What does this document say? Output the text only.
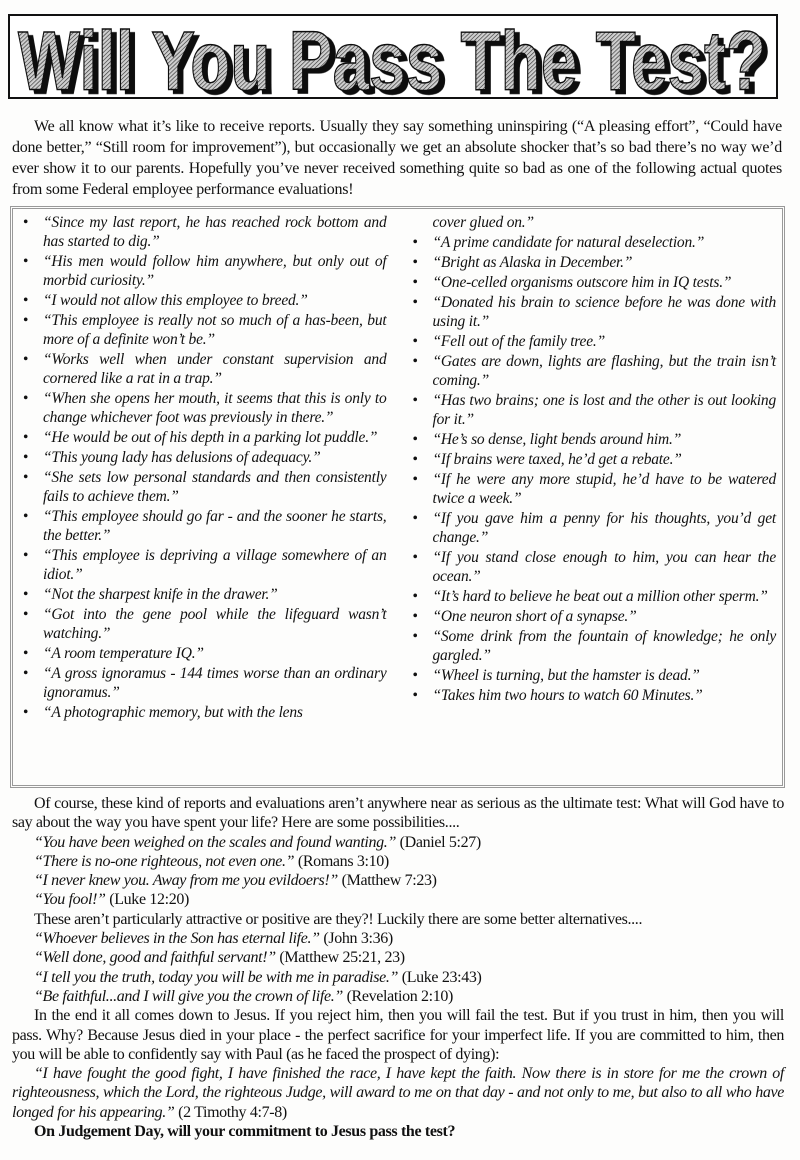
Will You Pass The Test?

We all know what it’s like to receive reports. Usually they say something uninspiring (“A pleasing effort”, “Could have done better,” “Still room for improvement”), but occasionally we get an absolute shocker that’s so bad there’s no way we’d ever show it to our parents. Hopefully you’ve never received something quite so bad as one of the following actual quotes from some Federal employee performance evaluations!

• “Since my last report, he has reached rock bottom and has started to dig.”
• “His men would follow him anywhere, but only out of morbid curiosity.”
• “I would not allow this employee to breed.”
• “This employee is really not so much of a has-been, but more of a definite won’t be.”
• “Works well when under constant supervision and cornered like a rat in a trap.”
• “When she opens her mouth, it seems that this is only to change whichever foot was previously in there.”
• “He would be out of his depth in a parking lot puddle.”
• “This young lady has delusions of adequacy.”
• “She sets low personal standards and then consistently fails to achieve them.”
• “This employee should go far - and the sooner he starts, the better.”
• “This employee is depriving a village somewhere of an idiot.”
• “Not the sharpest knife in the drawer.”
• “Got into the gene pool while the lifeguard wasn’t watching.”
• “A room temperature IQ.”
• “A gross ignoramus - 144 times worse than an ordinary ignoramus.”
• “A photographic memory, but with the lens
cover glued on.”
• “A prime candidate for natural deselection.”
• “Bright as Alaska in December.”
• “One-celled organisms outscore him in IQ tests.”
• “Donated his brain to science before he was done with using it.”
• “Fell out of the family tree.”
• “Gates are down, lights are flashing, but the train isn’t coming.”
• “Has two brains; one is lost and the other is out looking for it.”
• “He’s so dense, light bends around him.”
• “If brains were taxed, he’d get a rebate.”
• “If he were any more stupid, he’d have to be watered twice a week.”
• “If you gave him a penny for his thoughts, you’d get change.”
• “If you stand close enough to him, you can hear the ocean.”
• “It’s hard to believe he beat out a million other sperm.”
• “One neuron short of a synapse.”
• “Some drink from the fountain of knowledge; he only gargled.”
• “Wheel is turning, but the hamster is dead.”
• “Takes him two hours to watch 60 Minutes.”

Of course, these kind of reports and evaluations aren’t anywhere near as serious as the ultimate test: What will God have to say about the way you have spent your life? Here are some possibilities....

“You have been weighed on the scales and found wanting.” (Daniel 5:27)

“There is no-one righteous, not even one.” (Romans 3:10)

“I never knew you. Away from me you evildoers!” (Matthew 7:23)

“You fool!” (Luke 12:20)

These aren’t particularly attractive or positive are they?! Luckily there are some better alternatives....

“Whoever believes in the Son has eternal life.” (John 3:36)

“Well done, good and faithful servant!” (Matthew 25:21, 23)

“I tell you the truth, today you will be with me in paradise.” (Luke 23:43)

“Be faithful...and I will give you the crown of life.” (Revelation 2:10)

In the end it all comes down to Jesus. If you reject him, then you will fail the test. But if you trust in him, then you will pass. Why? Because Jesus died in your place - the perfect sacrifice for your imperfect life. If you are committed to him, then you will be able to confidently say with Paul (as he faced the prospect of dying):

“I have fought the good fight, I have finished the race, I have kept the faith. Now there is in store for me the crown of righteousness, which the Lord, the righteous Judge, will award to me on that day - and not only to me, but also to all who have longed for his appearing.” (2 Timothy 4:7-8)

On Judgement Day, will your commitment to Jesus pass the test?
